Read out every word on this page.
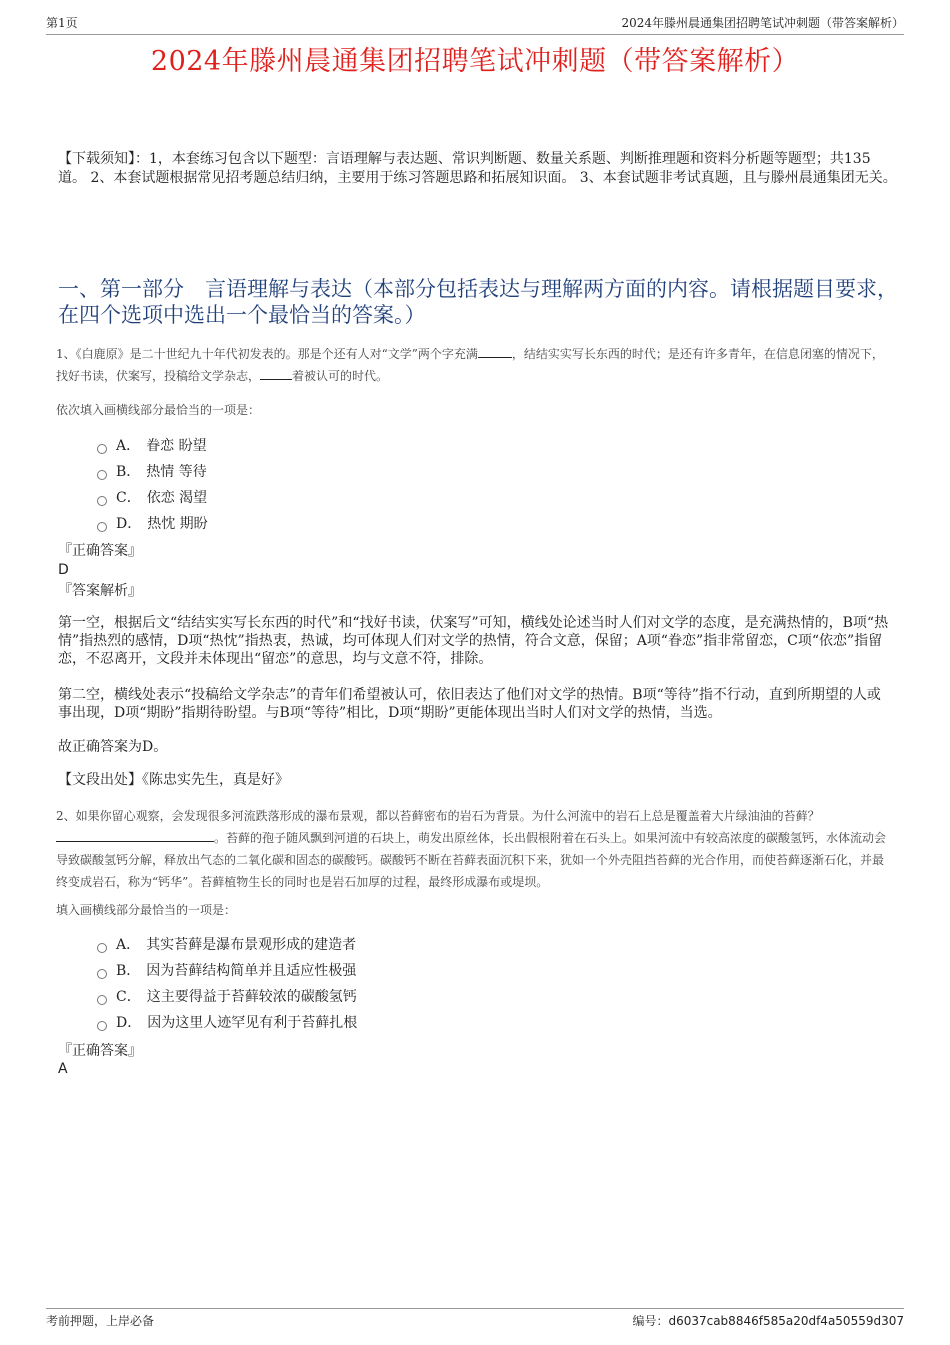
第1页	2024年滕州晨通集团招聘笔试冲刺题（带答案解析）
2024年滕州晨通集团招聘笔试冲刺题（带答案解析）
【下载须知】：1，本套练习包含以下题型：言语理解与表达题、常识判断题、数量关系题、判断推理题和资料分析题等题型；共135道。 2、本套试题根据常见招考题总结归纳，主要用于练习答题思路和拓展知识面。 3、本套试题非考试真题，且与滕州晨通集团无关。
一、第一部分　言语理解与表达（本部分包括表达与理解两方面的内容。请根据题目要求，在四个选项中选出一个最恰当的答案。）
1、《白鹿原》是二十世纪九十年代初发表的。那是个还有人对“文学”两个字充满	，结结实实写长东西的时代；是还有许多青年，在信息闭塞的情况下，找好书读，伏案写，投稿给文学杂志，	着被认可的时代。
依次填入画横线部分最恰当的一项是：
A． 眷恋 盼望
B． 热情 等待
C． 依恋 渴望
D． 热忱 期盼
『正确答案』
D
『答案解析』
第一空，根据后文“结结实实写长东西的时代”和“找好书读，伏案写”可知，横线处论述当时人们对文学的态度，是充满热情的，B项“热情”指热烈的感情，D项“热忱”指热衷，热诚，均可体现人们对文学的热情，符合文意，保留；A项“眷恋”指非常留恋，C项“依恋”指留恋，不忍离开，文段并未体现出“留恋”的意思，均与文意不符，排除。
第二空，横线处表示“投稿给文学杂志”的青年们希望被认可，依旧表达了他们对文学的热情。B项“等待”指不行动，直到所期望的人或事出现，D项“期盼”指期待盼望。与B项“等待”相比，D项“期盼”更能体现出当时人们对文学的热情，当选。
故正确答案为D。
【文段出处】《陈忠实先生，真是好》
2、如果你留心观察，会发现很多河流跌落形成的瀑布景观，都以苔藓密布的岩石为背景。为什么河流中的岩石上总是覆盖着大片绿油油的苔藓？。苔藓的孢子随风飘到河道的石块上，萌发出原丝体，长出假根附着在石头上。如果河流中有较高浓度的碳酸氢钙，水体流动会导致碳酸氢钙分解，释放出气态的二氧化碳和固态的碳酸钙。碳酸钙不断在苔藓表面沉积下来，犹如一个外壳阻挡苔藓的光合作用，而使苔藓逐渐石化，并最终变成岩石，称为“钙华”。苔藓植物生长的同时也是岩石加厚的过程，最终形成瀑布或堤坝。
填入画横线部分最恰当的一项是：
A． 其实苔藓是瀑布景观形成的建造者
B． 因为苔藓结构简单并且适应性极强
C． 这主要得益于苔藓较浓的碳酸氢钙
D． 因为这里人迹罕见有利于苔藓扎根
『正确答案』
A
考前押题，上岸必备	编号：d6037cab8846f585a20df4a50559d307
